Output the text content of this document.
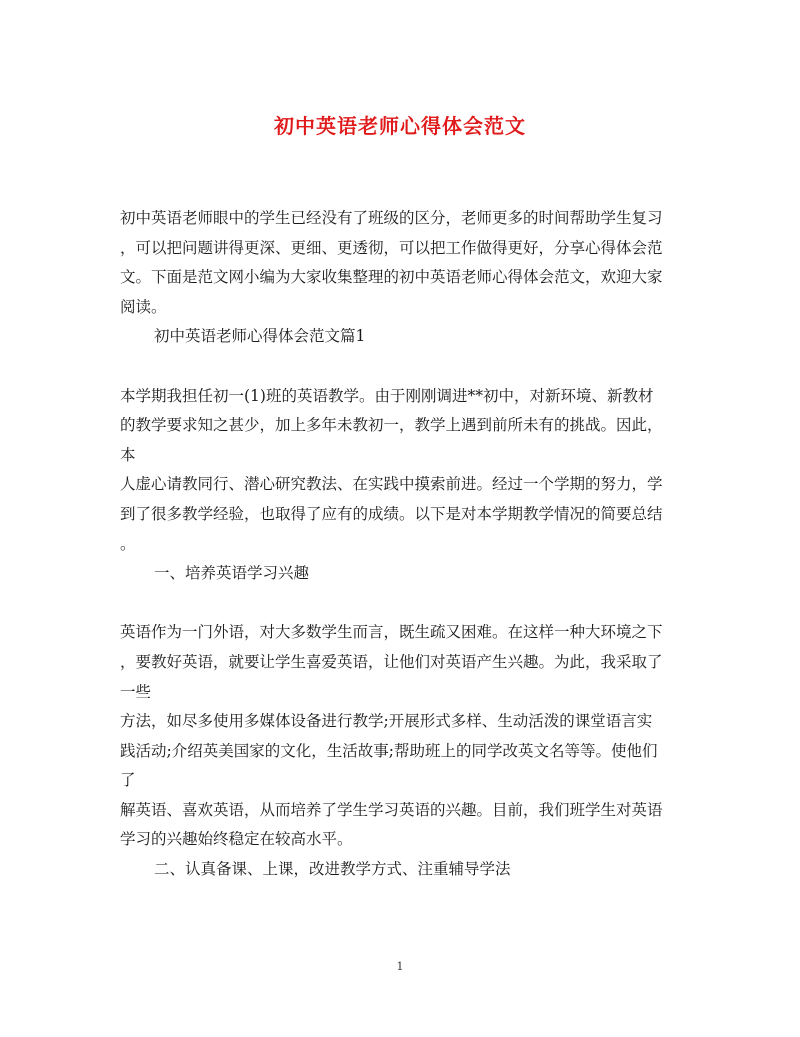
初中英语老师心得体会范文
初中英语老师眼中的学生已经没有了班级的区分，老师更多的时间帮助学生复习
，可以把问题讲得更深、更细、更透彻，可以把工作做得更好，分享心得体会范
文。下面是范文网小编为大家收集整理的初中英语老师心得体会范文，欢迎大家
阅读。
初中英语老师心得体会范文篇1
本学期我担任初一(1)班的英语教学。由于刚刚调进**初中，对新环境、新教材
的教学要求知之甚少，加上多年未教初一，教学上遇到前所未有的挑战。因此，
本
人虚心请教同行、潜心研究教法、在实践中摸索前进。经过一个学期的努力，学
到了很多教学经验，也取得了应有的成绩。以下是对本学期教学情况的简要总结
。
一、培养英语学习兴趣
英语作为一门外语，对大多数学生而言，既生疏又困难。在这样一种大环境之下
，要教好英语，就要让学生喜爱英语，让他们对英语产生兴趣。为此，我采取了
一些
方法，如尽多使用多媒体设备进行教学;开展形式多样、生动活泼的课堂语言实
践活动;介绍英美国家的文化，生活故事;帮助班上的同学改英文名等等。使他们
了
解英语、喜欢英语，从而培养了学生学习英语的兴趣。目前，我们班学生对英语
学习的兴趣始终稳定在较高水平。
二、认真备课、上课，改进教学方式、注重辅导学法
1
